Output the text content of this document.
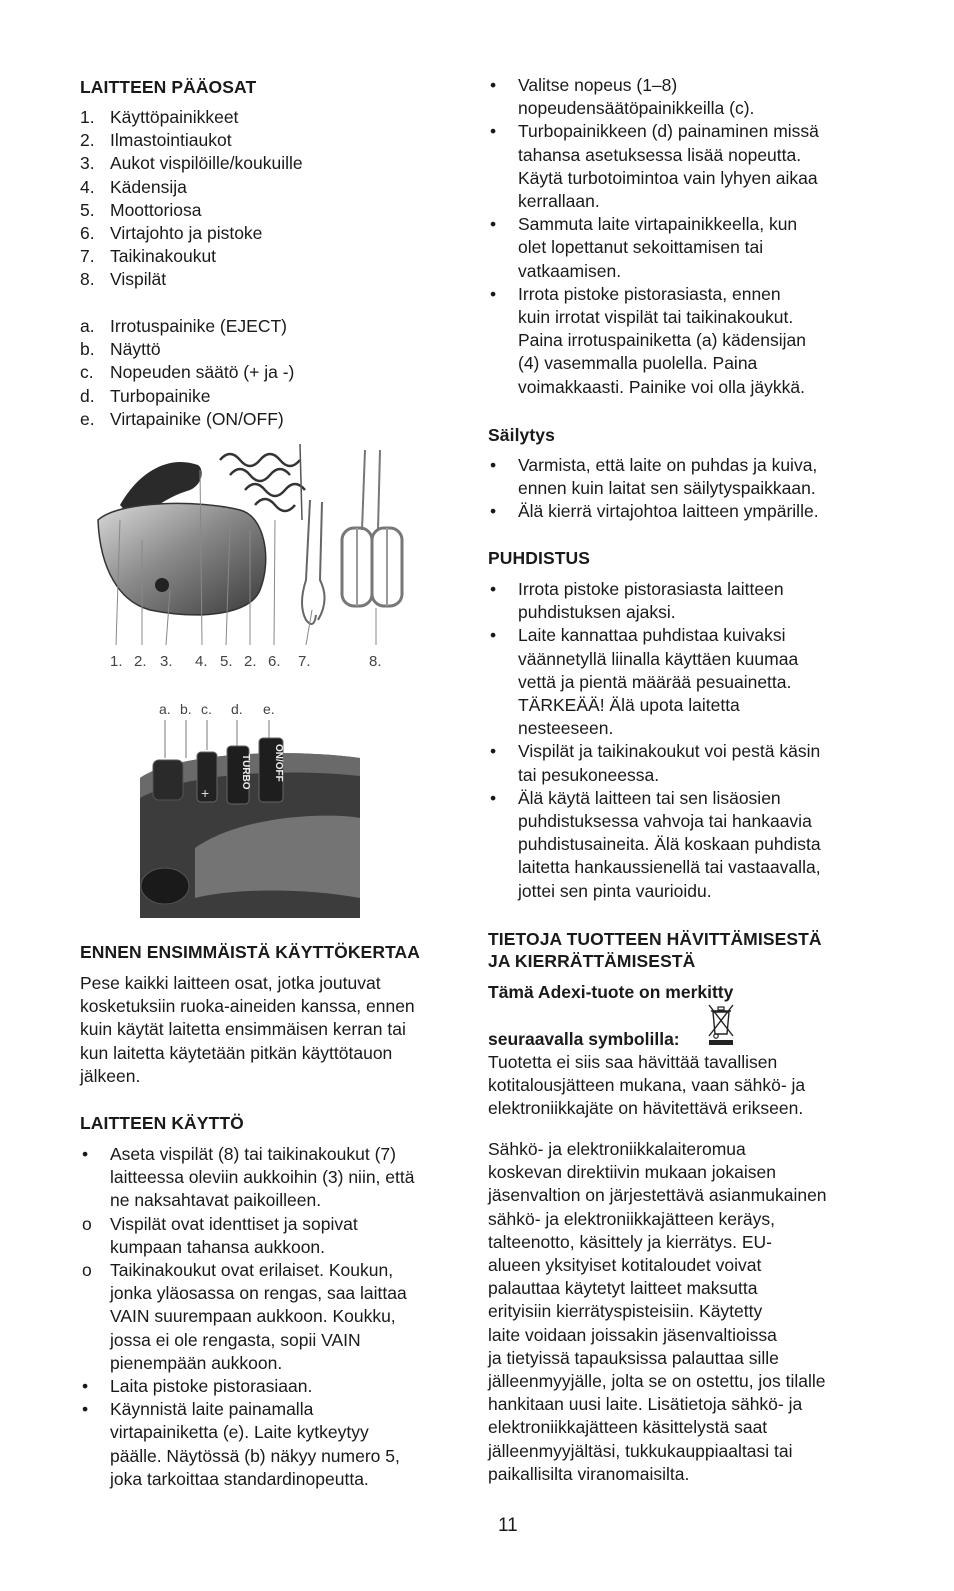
LAITTEEN PÄÄOSAT
1. Käyttöpainikkeet
2. Ilmastointiaukot
3. Aukot vispilöille/koukuille
4. Kädensija
5. Moottoriosa
6. Virtajohto ja pistoke
7. Taikinakoukut
8. Vispilät
a. Irrotuspainike (EJECT)
b. Näyttö
c. Nopeuden säätö (+ ja -)
d. Turbopainike
e. Virtapainike (ON/OFF)
1. 2. 3. 4. 5. 2. 6. 7.	8.
a. b. c. d. e.
+
TURBO ON/OFF
ENNEN ENSIMMÄISTÄ KÄYTTÖKERTAA

Pese kaikki laitteen osat, jotka joutuvat

kosketuksiin ruoka-aineiden kanssa, ennen

kuin käytät laitetta ensimmäisen kerran tai

kun laitetta käytetään pitkän käyttötauon

jälkeen.

LAITTEEN KÄYTTÖ
• Aseta vispilät (8) tai taikinakoukut (7)
laitteessa oleviin aukkoihin (3) niin, että
ne naksahtavat paikoilleen.
o Vispilät ovat identtiset ja sopivat
kumpaan tahansa aukkoon.
o Taikinakoukut ovat erilaiset. Koukun,
jonka yläosassa on rengas, saa laittaa
VAIN suurempaan aukkoon. Koukku,
jossa ei ole rengasta, sopii VAIN
pienempään aukkoon.
• Laita pistoke pistorasiaan.
• Käynnistä laite painamalla
virtapainiketta (e). Laite kytkeytyy
päälle. Näytössä (b) näkyy numero 5,
joka tarkoittaa standardinopeutta.
• Valitse nopeus (1–8)
nopeudensäätöpainikkeilla (c).
• Turbopainikkeen (d) painaminen missä
tahansa asetuksessa lisää nopeutta.
Käytä turbotoimintoa vain lyhyen aikaa
kerrallaan.
• Sammuta laite virtapainikkeella, kun
olet lopettanut sekoittamisen tai
vatkaamisen.
• Irrota pistoke pistorasiasta, ennen
kuin irrotat vispilät tai taikinakoukut.
Paina irrotuspainiketta (a) kädensijan
(4) vasemmalla puolella. Paina
voimakkaasti. Painike voi olla jäykkä.
Säilytys
• Varmista, että laite on puhdas ja kuiva,
ennen kuin laitat sen säilytyspaikkaan.
• Älä kierrä virtajohtoa laitteen ympärille.
PUHDISTUS
• Irrota pistoke pistorasiasta laitteen
puhdistuksen ajaksi.
• Laite kannattaa puhdistaa kuivaksi
väännetyllä liinalla käyttäen kuumaa
vettä ja pientä määrää pesuainetta.
TÄRKEÄÄ! Älä upota laitetta
nesteeseen.
• Vispilät ja taikinakoukut voi pestä käsin
tai pesukoneessa.
• Älä käytä laitteen tai sen lisäosien
puhdistuksessa vahvoja tai hankaavia
puhdistusaineita. Älä koskaan puhdista
laitetta hankaussienellä tai vastaavalla,
jottei sen pinta vaurioidu.
TIETOJA TUOTTEEN HÄVITTÄMISESTÄ
JA KIERRÄTTÄMISESTÄ

Tämä Adexi-tuote on merkitty

seuraavalla symbolilla:

Tuotetta ei siis saa hävittää tavallisen

kotitalousjätteen mukana, vaan sähkö- ja

elektroniikkajäte on hävitettävä erikseen.

Sähkö- ja elektroniikkalaiteromua

koskevan direktiivin mukaan jokaisen

jäsenvaltion on järjestettävä asianmukainen

sähkö- ja elektroniikkajätteen keräys,

talteenotto, käsittely ja kierrätys. EU-

alueen yksityiset kotitaloudet voivat

palauttaa käytetyt laitteet maksutta

erityisiin kierrätyspisteisiin. Käytetty

laite voidaan joissakin jäsenvaltioissa

ja tietyissä tapauksissa palauttaa sille

jälleenmyyjälle, jolta se on ostettu, jos tilalle

hankitaan uusi laite. Lisätietoja sähkö- ja

elektroniikkajätteen käsittelystä saat

jälleenmyyjältäsi, tukkukauppiaaltasi tai

paikallisilta viranomaisilta.

11
